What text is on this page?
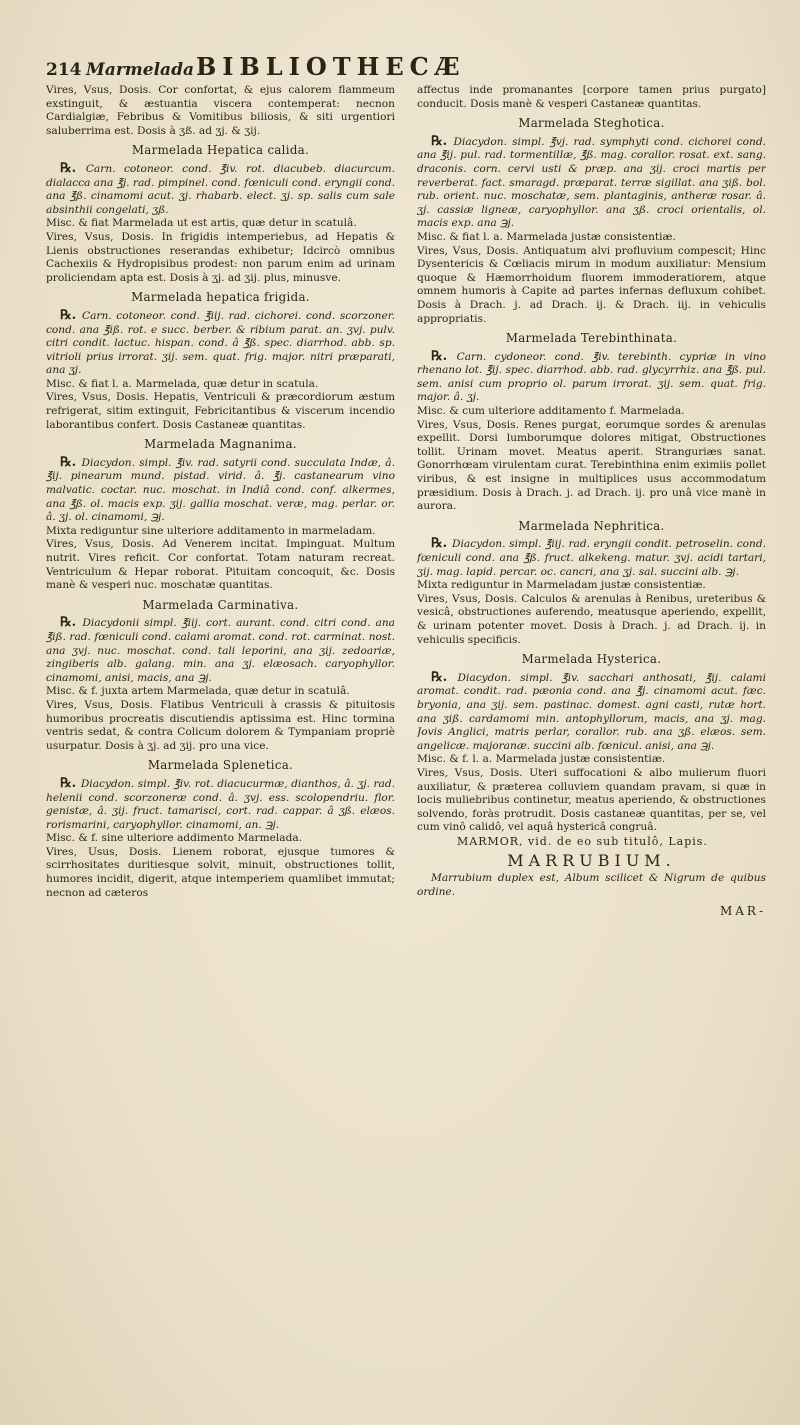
214 Marmelada BIBLIOTHECÆ

Vires, Vsus, Dosis. Cor confortat, & ejus calorem flammeum exstinguit, & æstuantia viscera contemperat: necnon Cardialgiæ, Febribus & Vomitibus biliosis, & siti urgentiori saluberrima est. Dosis à ʒß. ad ʒj. & ʒij.

Marmelada Hepatica calida.

℞. Carn. cotoneor. cond. ℥iv. rot. diacubeb. diacurcum. dialacca ana ℥j. rad. pimpinel. cond. fœniculi cond. eryngii cond. ana ℥ß. cinamomi acut. ʒj. rhabarb. elect. ʒj. sp. salis cum sale absinthii congelati, ʒß.

Misc. & fiat Marmelada ut est artis, quæ detur in scatulâ.

Vires, Vsus, Dosis. In frigidis intemperiebus, ad Hepatis & Lienis obstructiones reserandas exhibetur; Idcircò omnibus Cachexiis & Hydropisibus prodest: non parum enim ad urinam proliciendam apta est. Dosis à ʒj. ad ʒij. plus, minusve.

Marmelada hepatica frigida.

℞. Carn. cotoneor. cond. ℥iij. rad. cichorei. cond. scorzoner. cond. ana ℥iß. rot. e succ. berber. & ribium parat. an. ʒvj. pulv. citri condit. lactuc. hispan. cond. â ℥ß. spec. diarrhod. abb. sp. vitrioli prius irrorat. ʒij. sem. quat. frig. major. nitri præparati, ana ʒj.

Misc. & fiat l. a. Marmelada, quæ detur in scatula.

Vires, Vsus, Dosis. Hepatis, Ventriculi & præcordiorum æstum refrigerat, sitim extinguit, Febricitantibus & viscerum incendio laborantibus confert. Dosis Castaneæ quantitas.

Marmelada Magnanima.

℞. Diacydon. simpl. ℥iv. rad. satyrii cond. succulata Indæ, â. ℥ij. pinearum mund. pistad. virid. â. ℥j. castanearum vino malvatic. coctar. nuc. moschat. in Indiâ cond. conf. alkermes, ana ℥ß. ol. macis exp. ʒij. gallia moschat. veræ, mag. perlar. or. â. ʒj. ol. cinamomi, ℈j.

Mixta rediguntur sine ulteriore additamento in marmeladam.

Vires, Vsus, Dosis. Ad Venerem incitat. Impinguat. Multum nutrit. Vires reficit. Cor confortat. Totam naturam recreat. Ventriculum & Hepar roborat. Pituitam concoquit, &c. Dosis manè & vesperi nuc. moschatæ quantitas.

Marmelada Carminativa.

℞. Diacydonii simpl. ℥iij. cort. aurant. cond. citri cond. ana ℥iß. rad. fœniculi cond. calami aromat. cond. rot. carminat. nost. ana ʒvj. nuc. moschat. cond. tali leporini, ana ʒij. zedoariæ, zingiberis alb. galang. min. ana ʒj. elæosach. caryophyllor. cinamomi, anisi, macis, ana ℈j.

Misc. & f. juxta artem Marmelada, quæ detur in scatulâ.

Vires, Vsus, Dosis. Flatibus Ventriculi à crassis & pituitosis humoribus procreatis discutiendis aptissima est. Hinc tormina ventris sedat, & contra Colicum dolorem & Tympaniam propriè usurpatur. Dosis à ʒj. ad ʒij. pro una vice.

Marmelada Splenetica.

℞. Diacydon. simpl. ℥iv. rot. diacucurmæ, dianthos, â. ʒj. rad. helenii cond. scorzoneræ cond. â. ʒvj. ess. scolopendriu. flor. genistæ, â. ʒij. fruct. tamarisci, cort. rad. cappar. â ʒß. elæos. rorismarini, caryophyllor. cinamomi, an. ℈j.

Misc. & f. sine ulteriore addimento Marmelada.

Vires, Usus, Dosis. Lienem roborat, ejusque tumores & scirrhositates duritiesque solvit, minuit, obstructiones tollit, humores incidit, digerit, atque intemperiem quamlibet immutat; necnon ad cæteros

affectus inde promanantes [corpore tamen prius purgato] conducit. Dosis manè & vesperi Castaneæ quantitas.

Marmelada Steghotica.

℞. Diacydon. simpl. ℥vj. rad. symphyti cond. cichorei cond. ana ℥ij. pul. rad. tormentillæ, ℥ß. mag. corallor. rosat. ext. sang. draconis. corn. cervi usti & præp. ana ʒij. croci martis per reverberat. fact. smaragd. præparat. terræ sigillat. ana ʒiß. bol. rub. orient. nuc. moschatæ, sem. plantaginis, antheræ rosar. â. ʒj. cassiæ ligneæ, caryophyllor. ana ʒß. croci orientalis, ol. macis exp. ana ℈j.

Misc. & fiat l. a. Marmelada justæ consistentiæ.

Vires, Vsus, Dosis. Antiquatum alvi profluvium compescit; Hinc Dysentericis & Cœliacis mirum in modum auxiliatur: Mensium quoque & Hæmorrhoidum fluorem immoderatiorem, atque omnem humoris à Capite ad partes infernas defluxum cohibet. Dosis à Drach. j. ad Drach. ij. & Drach. iij. in vehiculis appropriatis.

Marmelada Terebinthinata.

℞. Carn. cydoneor. cond. ℥iv. terebinth. cypriæ in vino rhenano lot. ℥ij. spec. diarrhod. abb. rad. glycyrrhiz. ana ℥ß. pul. sem. anisi cum proprio ol. parum irrorat. ʒij. sem. quat. frig. major. â. ʒj.

Misc. & cum ulteriore additamento f. Marmelada.

Vires, Vsus, Dosis. Renes purgat, eorumque sordes & arenulas expellit. Dorsi lumborumque dolores mitigat, Obstructiones tollit. Urinam movet. Meatus aperit. Stranguriæs sanat. Gonorrhœam virulentam curat. Terebinthina enim eximiis pollet viribus, & est insigne in multiplices usus accommodatum præsidium. Dosis à Drach. j. ad Drach. ij. pro unâ vice manè in aurora.

Marmelada Nephritica.

℞. Diacydon. simpl. ℥iij. rad. eryngii condit. petroselin. cond. fœniculi cond. ana ℥ß. fruct. alkekeng. matur. ʒvj. acidi tartari, ʒij. mag. lapid. percar. oc. cancri, ana ʒj. sal. succini alb. ℈j.

Mixta rediguntur in Marmeladam justæ consistentiæ.

Vires, Vsus, Dosis. Calculos & arenulas à Renibus, ureteribus & vesicâ, obstructiones auferendo, meatusque aperiendo, expellit, & urinam potenter movet. Dosis à Drach. j. ad Drach. ij. in vehiculis specificis.

Marmelada Hysterica.

℞. Diacydon. simpl. ℥iv. sacchari anthosati, ℥ij. calami aromat. condit. rad. pæonia cond. ana ℥j. cinamomi acut. fæc. bryonia, ana ʒij. sem. pastinac. domest. agni casti, rutæ hort. ana ʒiß. cardamomi min. antophyllorum, macis, ana ʒj. mag. Jovis Anglici, matris perlar, corallor. rub. ana ʒß. elæos. sem. angelicæ. majoranæ. succini alb. fœnicul. anisi, ana ℈j.

Misc. & f. l. a. Marmelada justæ consistentiæ.

Vires, Vsus, Dosis. Uteri suffocationi & albo mulierum fluori auxiliatur, & præterea colluviem quandam pravam, si quæ in locis muliebribus continetur, meatus aperiendo, & obstructiones solvendo, foràs protrudit. Dosis castaneæ quantitas, per se, vel cum vinô calidô, vel aquâ hystericâ congruâ.

MARMOR, vid. de eo sub titulô, Lapis.

MARRUBIUM.

Marrubium duplex est, Album scilicet & Nigrum de quibus ordine.

MAR-
